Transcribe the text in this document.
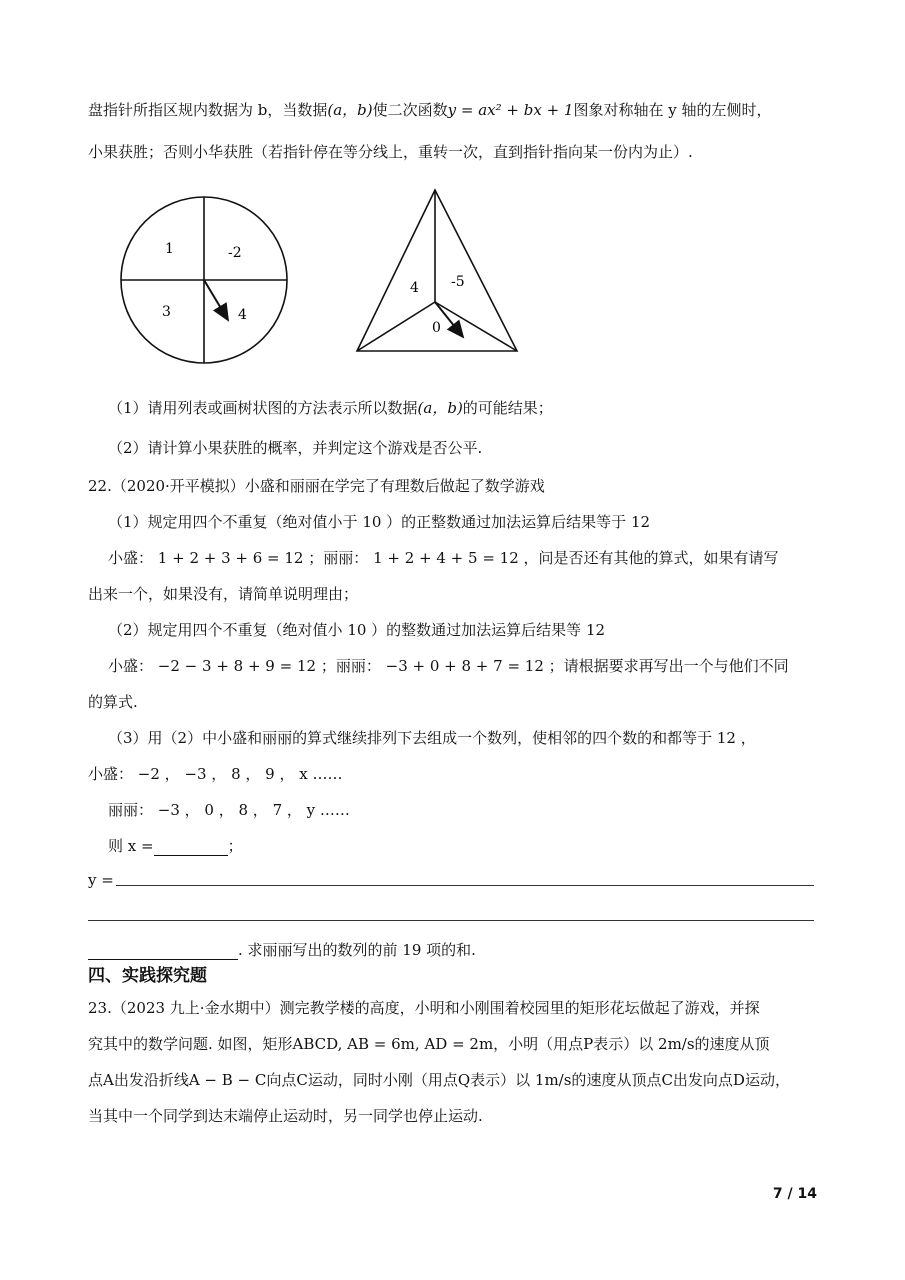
盘指针所指区规内数据为 b，当数据(a，b)使二次函数y = ax² + bx + 1图象对称轴在 y 轴的左侧时，
小果获胜；否则小华获胜（若指针停在等分线上，重转一次，直到指针指向某一份内为止）.
1	-2
3	4
4 -5
0
（1）请用列表或画树状图的方法表示所以数据(a，b)的可能结果；
（2）请计算小果获胜的概率，并判定这个游戏是否公平.
22.（2020·开平模拟）小盛和丽丽在学完了有理数后做起了数学游戏
（1）规定用四个不重复（绝对值小于 10 ）的正整数通过加法运算后结果等于 12
小盛： 1 + 2 + 3 + 6 = 12 ；丽丽： 1 + 2 + 4 + 5 = 12 ，问是否还有其他的算式，如果有请写
出来一个，如果没有，请简单说明理由；
（2）规定用四个不重复（绝对值小 10 ）的整数通过加法运算后结果等 12
小盛： −2 − 3 + 8 + 9 = 12 ；丽丽： −3 + 0 + 8 + 7 = 12 ；请根据要求再写出一个与他们不同
的算式.
（3）用（2）中小盛和丽丽的算式继续排列下去组成一个数列，使相邻的四个数的和都等于 12 ，
小盛： −2 ， −3 ， 8 ， 9 ， x ……
丽丽： −3 ， 0 ， 8 ， 7 ， y ……
则 x =	；
y =
. 求丽丽写出的数列的前 19 项的和.
四、实践探究题
23.（2023 九上·金水期中）测完教学楼的高度，小明和小刚围着校园里的矩形花坛做起了游戏，并探
究其中的数学问题. 如图，矩形ABCD, AB = 6m, AD = 2m，小明（用点P表示）以 2m/s的速度从顶
点A出发沿折线A − B − C向点C运动，同时小刚（用点Q表示）以 1m/s的速度从顶点C出发向点D运动，
当其中一个同学到达末端停止运动时，另一同学也停止运动.
7 / 14
